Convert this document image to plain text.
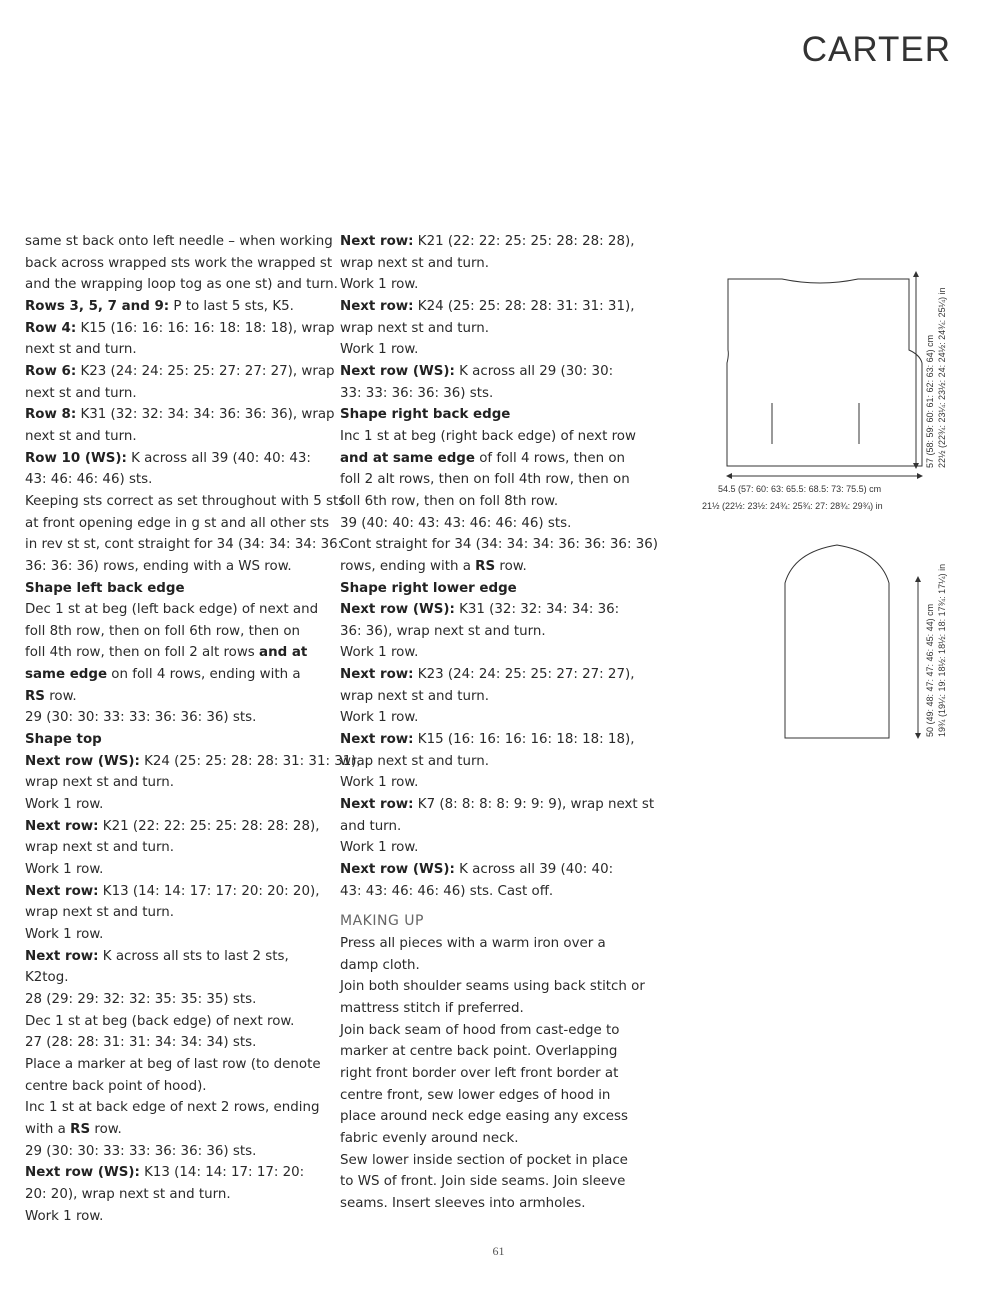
CARTER
same st back onto left needle – when working
back across wrapped sts work the wrapped st
and the wrapping loop tog as one st) and turn.
Rows 3, 5, 7 and 9: P to last 5 sts, K5.
Row 4: K15 (16: 16: 16: 16: 18: 18: 18), wrap
next st and turn.
Row 6: K23 (24: 24: 25: 25: 27: 27: 27), wrap
next st and turn.
Row 8: K31 (32: 32: 34: 34: 36: 36: 36), wrap
next st and turn.
Row 10 (WS): K across all 39 (40: 40: 43:
43: 46: 46: 46) sts.
Keeping sts correct as set throughout with 5 sts
at front opening edge in g st and all other sts
in rev st st, cont straight for 34 (34: 34: 34: 36:
36: 36: 36) rows, ending with a WS row.
Shape left back edge
Dec 1 st at beg (left back edge) of next and
foll 8th row, then on foll 6th row, then on
foll 4th row, then on foll 2 alt rows and at
same edge on foll 4 rows, ending with a
RS row.
29 (30: 30: 33: 33: 36: 36: 36) sts.
Shape top
Next row (WS): K24 (25: 25: 28: 28: 31: 31: 31),
wrap next st and turn.
Work 1 row.
Next row: K21 (22: 22: 25: 25: 28: 28: 28),
wrap next st and turn.
Work 1 row.
Next row: K13 (14: 14: 17: 17: 20: 20: 20),
wrap next st and turn.
Work 1 row.
Next row: K across all sts to last 2 sts,
K2tog.
28 (29: 29: 32: 32: 35: 35: 35) sts.
Dec 1 st at beg (back edge) of next row.
27 (28: 28: 31: 31: 34: 34: 34) sts.
Place a marker at beg of last row (to denote
centre back point of hood).
Inc 1 st at back edge of next 2 rows, ending
with a RS row.
29 (30: 30: 33: 33: 36: 36: 36) sts.
Next row (WS): K13 (14: 14: 17: 17: 20:
20: 20), wrap next st and turn.
Work 1 row.
Next row: K21 (22: 22: 25: 25: 28: 28: 28),
wrap next st and turn.
Work 1 row.
Next row: K24 (25: 25: 28: 28: 31: 31: 31),
wrap next st and turn.
Work 1 row.
Next row (WS): K across all 29 (30: 30:
33: 33: 36: 36: 36) sts.
Shape right back edge
Inc 1 st at beg (right back edge) of next row
and at same edge of foll 4 rows, then on
foll 2 alt rows, then on foll 4th row, then on
foll 6th row, then on foll 8th row.
39 (40: 40: 43: 43: 46: 46: 46) sts.
Cont straight for 34 (34: 34: 34: 36: 36: 36: 36)
rows, ending with a RS row.
Shape right lower edge
Next row (WS): K31 (32: 32: 34: 34: 36:
36: 36), wrap next st and turn.
Work 1 row.
Next row: K23 (24: 24: 25: 25: 27: 27: 27),
wrap next st and turn.
Work 1 row.
Next row: K15 (16: 16: 16: 16: 18: 18: 18),
wrap next st and turn.
Work 1 row.
Next row: K7 (8: 8: 8: 8: 9: 9: 9), wrap next st
and turn.
Work 1 row.
Next row (WS): K across all 39 (40: 40:
43: 43: 46: 46: 46) sts. Cast off.
MAKING UP
Press all pieces with a warm iron over a
damp cloth.
Join both shoulder seams using back stitch or
mattress stitch if preferred.
Join back seam of hood from cast-edge to
marker at centre back point. Overlapping
right front border over left front border at
centre front, sew lower edges of hood in
place around neck edge easing any excess
fabric evenly around neck.
Sew lower inside section of pocket in place
to WS of front. Join side seams. Join sleeve
seams. Insert sleeves into armholes.
57 (58: 59: 60: 61: 62: 63: 64) cm 22½ (22¾: 23¼: 23½: 24: 24½: 24¾: 25¼) in
54.5 (57: 60: 63: 65.5: 68.5: 73: 75.5) cm
21½ (22½: 23½: 24¾: 25¾: 27: 28¾: 29¾) in
50 (49: 48: 47: 47: 46: 45: 44) cm 19¾ (19¼: 19: 18½: 18½: 18: 17¾: 17¼) in
61
